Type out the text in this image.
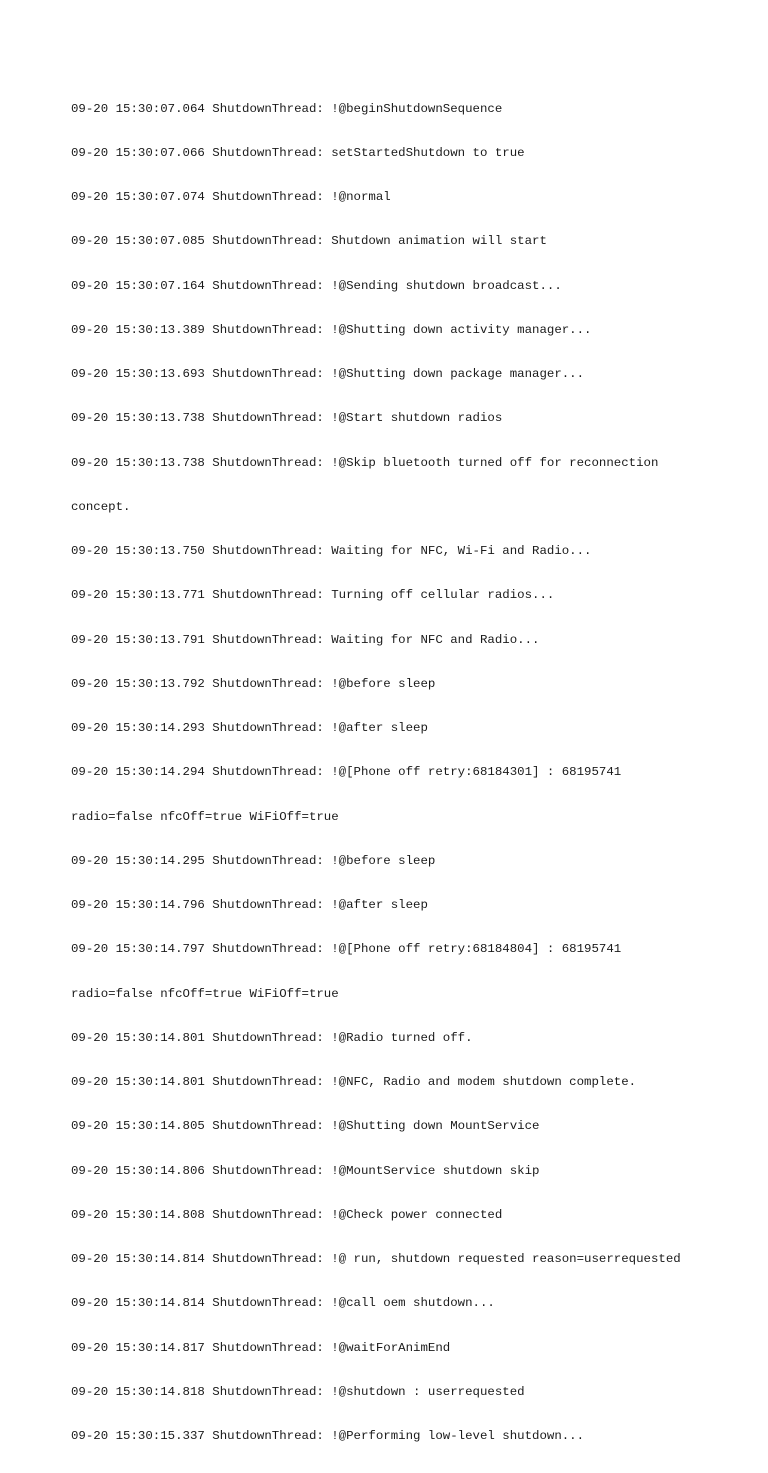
09-20 15:30:07.064 ShutdownThread: !@beginShutdownSequence

09-20 15:30:07.066 ShutdownThread: setStartedShutdown to true

09-20 15:30:07.074 ShutdownThread: !@normal

09-20 15:30:07.085 ShutdownThread: Shutdown animation will start

09-20 15:30:07.164 ShutdownThread: !@Sending shutdown broadcast...

09-20 15:30:13.389 ShutdownThread: !@Shutting down activity manager...

09-20 15:30:13.693 ShutdownThread: !@Shutting down package manager...

09-20 15:30:13.738 ShutdownThread: !@Start shutdown radios

09-20 15:30:13.738 ShutdownThread: !@Skip bluetooth turned off for reconnection

concept.

09-20 15:30:13.750 ShutdownThread: Waiting for NFC, Wi-Fi and Radio...

09-20 15:30:13.771 ShutdownThread: Turning off cellular radios...

09-20 15:30:13.791 ShutdownThread: Waiting for NFC and Radio...

09-20 15:30:13.792 ShutdownThread: !@before sleep

09-20 15:30:14.293 ShutdownThread: !@after sleep

09-20 15:30:14.294 ShutdownThread: !@[Phone off retry:68184301] : 68195741

radio=false nfcOff=true WiFiOff=true

09-20 15:30:14.295 ShutdownThread: !@before sleep

09-20 15:30:14.796 ShutdownThread: !@after sleep

09-20 15:30:14.797 ShutdownThread: !@[Phone off retry:68184804] : 68195741

radio=false nfcOff=true WiFiOff=true

09-20 15:30:14.801 ShutdownThread: !@Radio turned off.

09-20 15:30:14.801 ShutdownThread: !@NFC, Radio and modem shutdown complete.

09-20 15:30:14.805 ShutdownThread: !@Shutting down MountService

09-20 15:30:14.806 ShutdownThread: !@MountService shutdown skip

09-20 15:30:14.808 ShutdownThread: !@Check power connected

09-20 15:30:14.814 ShutdownThread: !@ run, shutdown requested reason=userrequested

09-20 15:30:14.814 ShutdownThread: !@call oem shutdown...

09-20 15:30:14.817 ShutdownThread: !@waitForAnimEnd

09-20 15:30:14.818 ShutdownThread: !@shutdown : userrequested

09-20 15:30:15.337 ShutdownThread: !@Performing low-level shutdown...
